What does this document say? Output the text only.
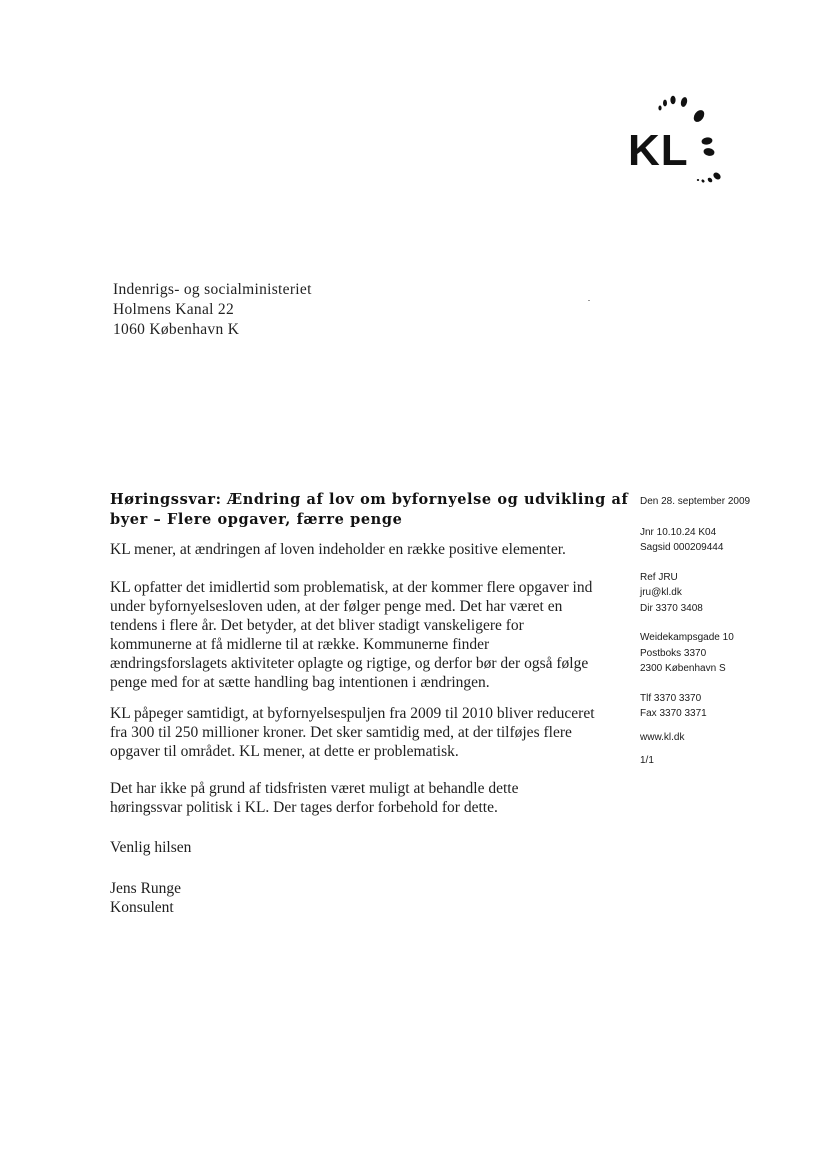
KL
Indenrigs- og socialministeriet
Holmens Kanal 22
1060 København K
Høringssvar: Ændring af lov om byfornyelse og udvikling af
byer – Flere opgaver, færre penge
KL mener, at ændringen af loven indeholder en række positive elementer.
KL opfatter det imidlertid som problematisk, at der kommer flere opgaver ind
under byfornyelsesloven uden, at der følger penge med. Det har været en
tendens i flere år. Det betyder, at det bliver stadigt vanskeligere for
kommunerne at få midlerne til at række. Kommunerne finder
ændringsforslagets aktiviteter oplagte og rigtige, og derfor bør der også følge
penge med for at sætte handling bag intentionen i ændringen.
KL påpeger samtidigt, at byfornyelsespuljen fra 2009 til 2010 bliver reduceret
fra 300 til 250 millioner kroner. Det sker samtidig med, at der tilføjes flere
opgaver til området. KL mener, at dette er problematisk.
Det har ikke på grund af tidsfristen været muligt at behandle dette
høringssvar politisk i KL. Der tages derfor forbehold for dette.
Venlig hilsen
Jens Runge
Konsulent
Den 28. september 2009
Jnr 10.10.24 K04
Sagsid 000209444
Ref JRU
jru@kl.dk
Dir 3370 3408
Weidekampsgade 10
Postboks 3370
2300 København S
Tlf 3370 3370
Fax 3370 3371
www.kl.dk
1/1
